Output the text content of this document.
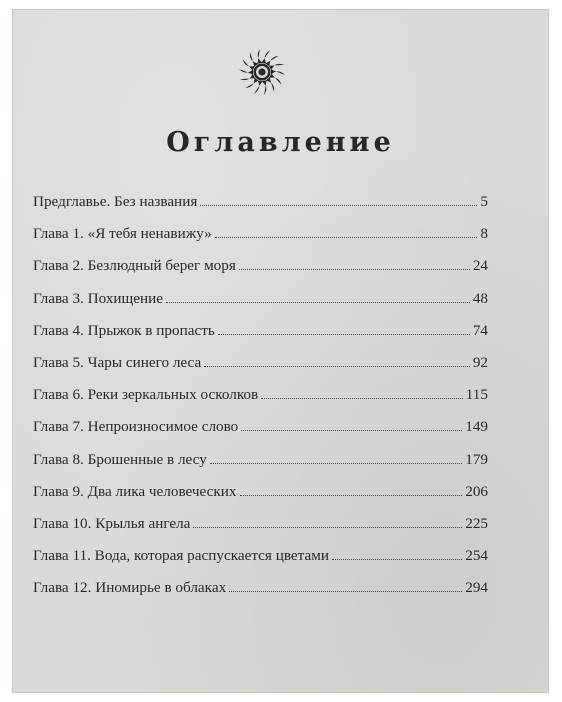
Оглавление
Предглавье. Без названия	5
Глава 1. «Я тебя ненавижу»	8
Глава 2. Безлюдный берег моря	24
Глава 3. Похищение	48
Глава 4. Прыжок в пропасть	74
Глава 5. Чары синего леса	92
Глава 6. Реки зеркальных осколков	115
Глава 7. Непроизносимое слово	149
Глава 8. Брошенные в лесу	179
Глава 9. Два лика человеческих	206
Глава 10. Крылья ангела	225
Глава 11. Вода, которая распускается цветами	254
Глава 12. Иномирье в облаках	294
